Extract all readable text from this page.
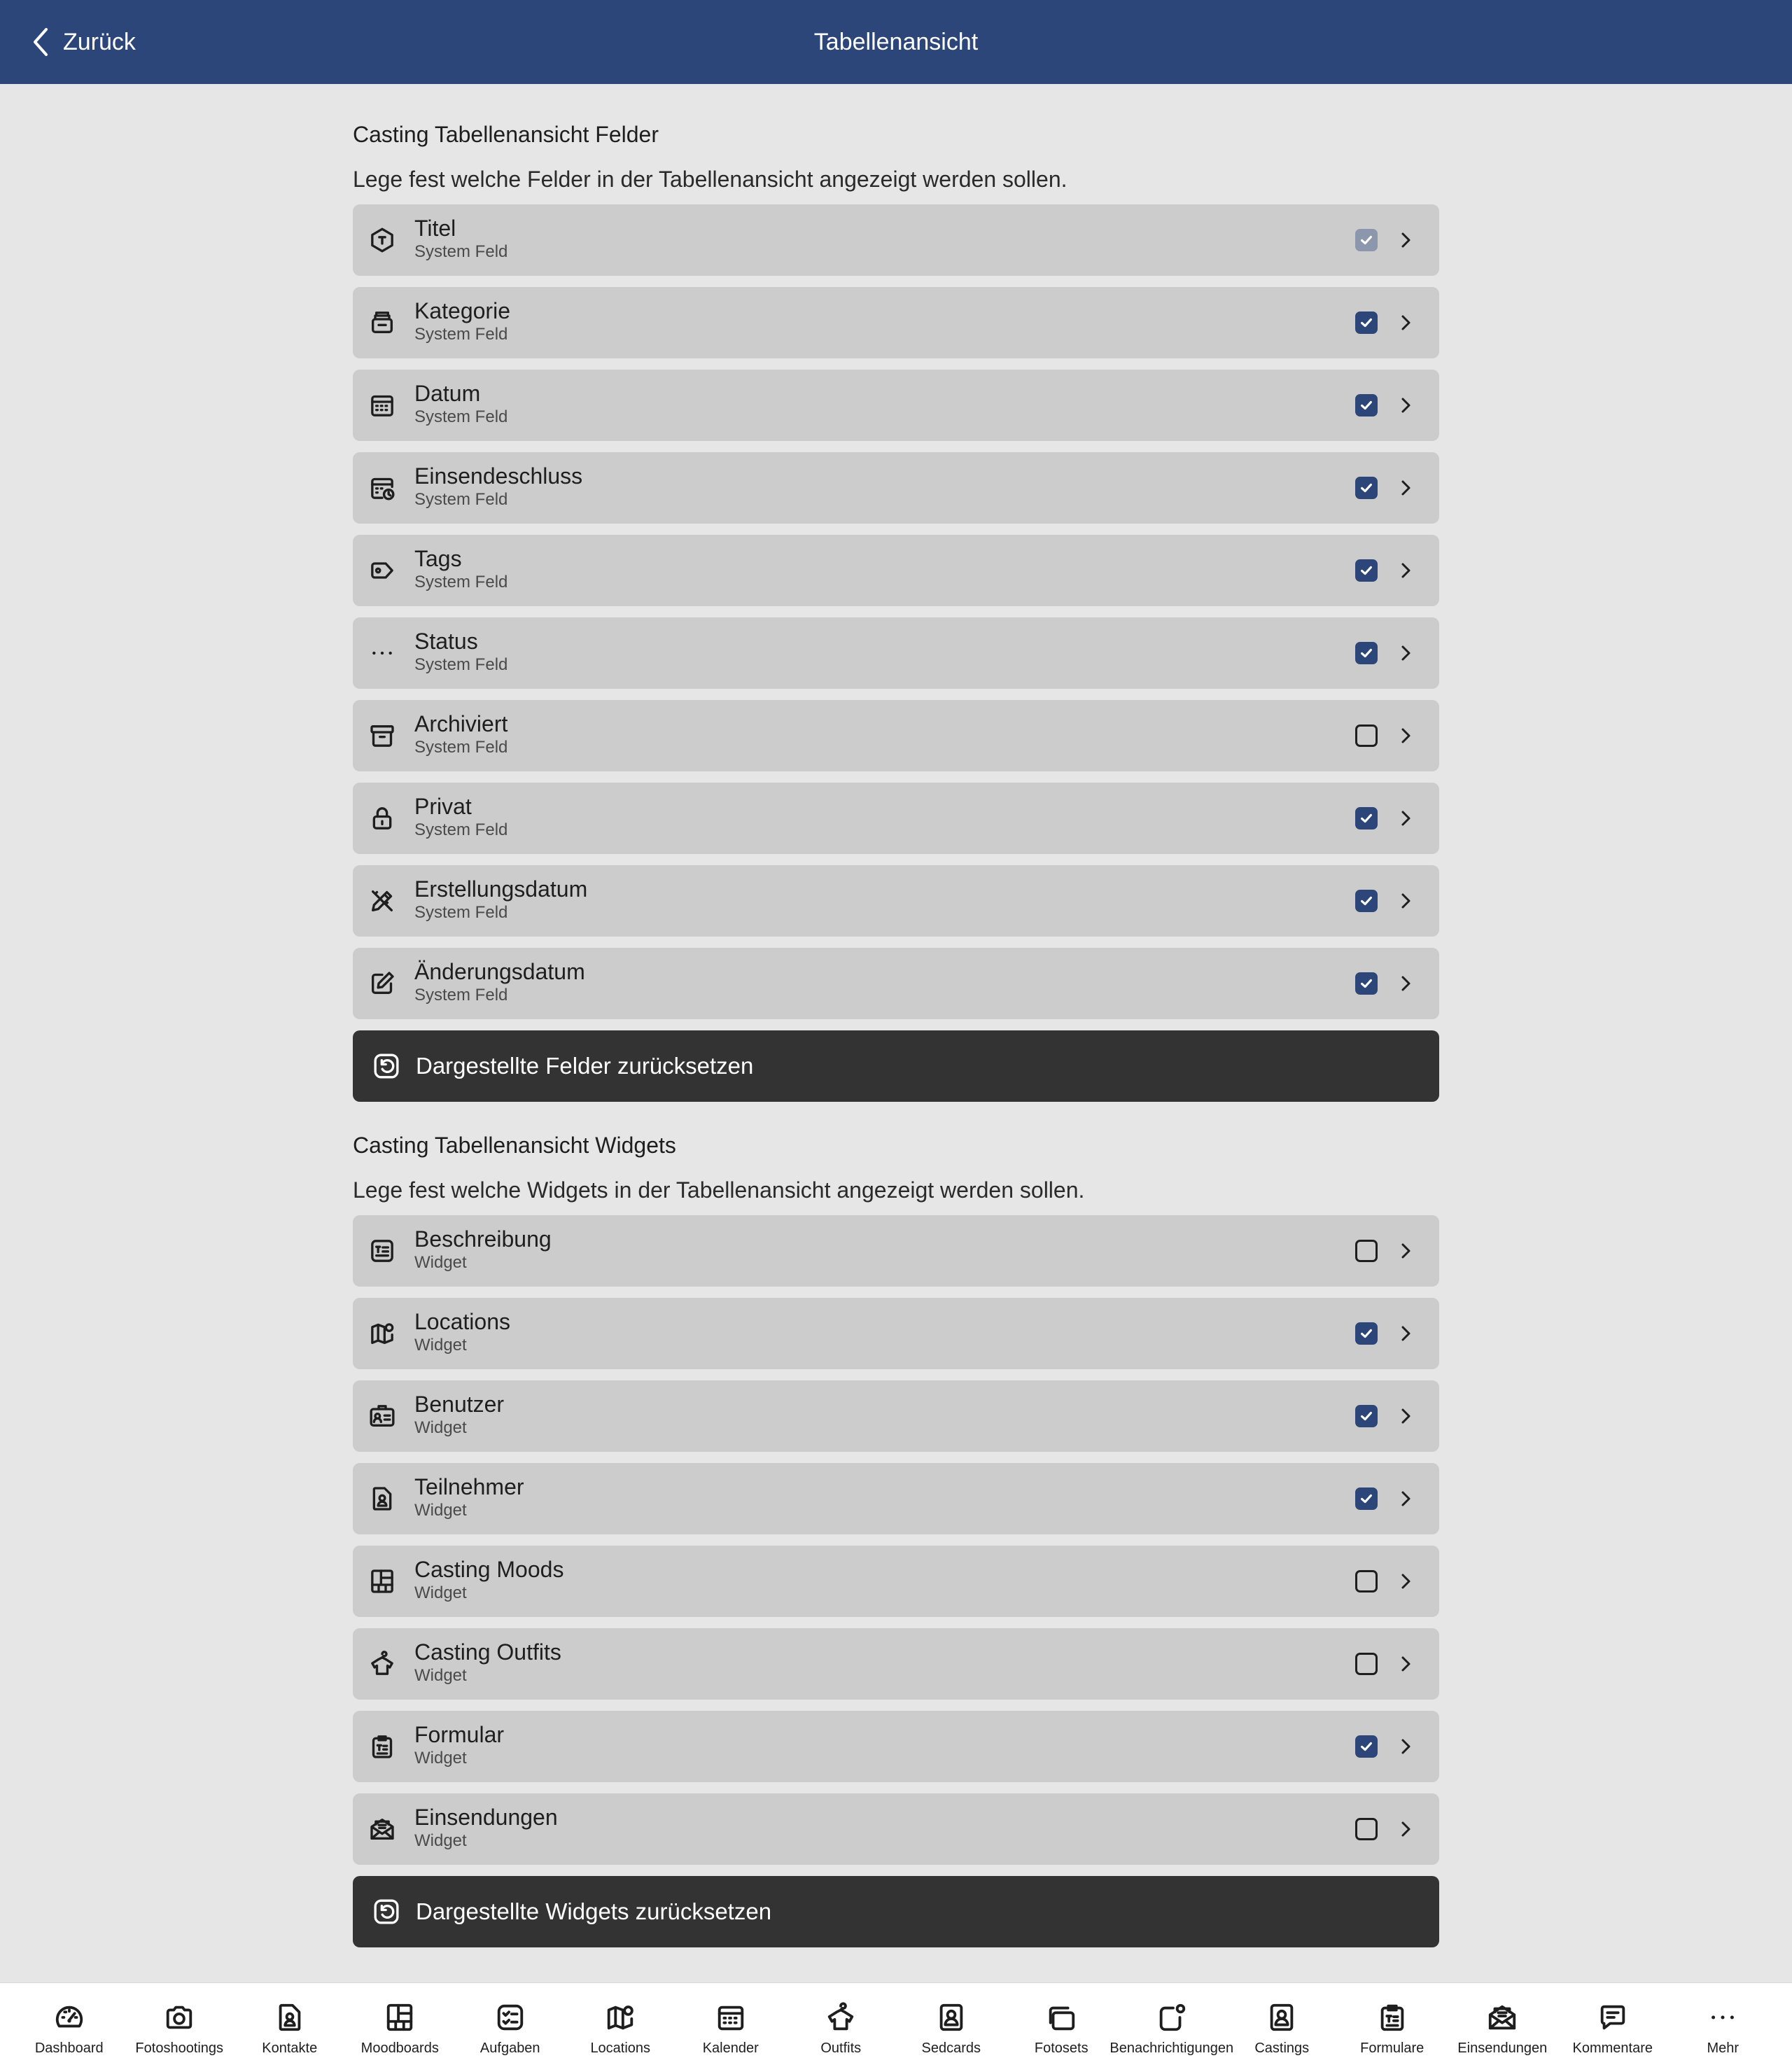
Zurück	Tabellenansicht
Casting Tabellenansicht Felder
Lege fest welche Felder in der Tabellenansicht angezeigt werden sollen.
Titel
System Feld
Kategorie
System Feld
Datum
System Feld
Einsendeschluss
System Feld
Tags
System Feld
Status
System Feld
Archiviert
System Feld
Privat
System Feld
Erstellungsdatum
System Feld
Änderungsdatum
System Feld
Dargestellte Felder zurücksetzen
Casting Tabellenansicht Widgets
Lege fest welche Widgets in der Tabellenansicht angezeigt werden sollen.
Beschreibung
Widget
Locations
Widget
Benutzer
Widget
Teilnehmer
Widget
Casting Moods
Widget
Casting Outfits
Widget
Formular
Widget
Einsendungen
Widget
Dargestellte Widgets zurücksetzen
Dashboard Fotoshootings	Kontakte	Moodboards	Aufgaben	Locations	Kalender	Outfits	Sedcards	Fotosets Benachrichtigungen Castings	Formulare Einsendungen Kommentare	Mehr
